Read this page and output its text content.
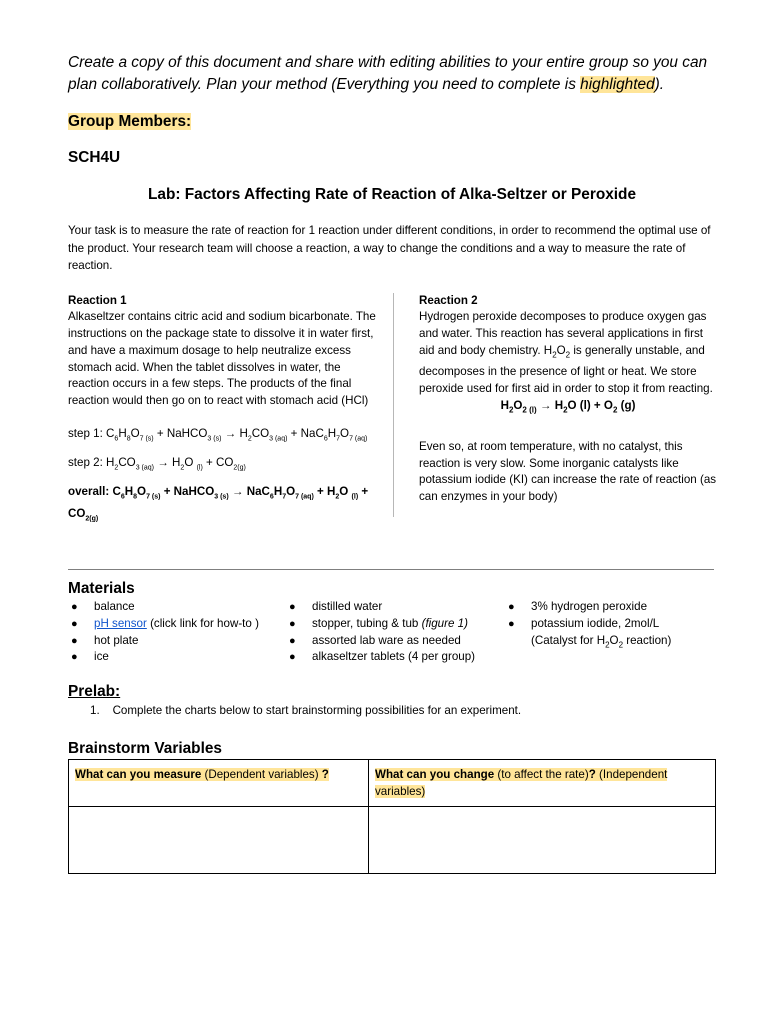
Create a copy of this document and share with editing abilities to your entire group so you can plan collaboratively. Plan your method (Everything you need to complete is highlighted).
Group Members:
SCH4U
Lab: Factors Affecting Rate of Reaction of Alka-Seltzer or Peroxide
Your task is to measure the rate of reaction for 1 reaction under different conditions, in order to recommend the optimal use of the product. Your research team will choose a reaction, a way to change the conditions and a way to measure the rate of reaction.
Reaction 1
Alkaseltzer contains citric acid and sodium bicarbonate. The instructions on the package state to dissolve it in water first, and have a maximum dosage to help neutralize excess stomach acid. When the tablet dissolves in water, the reaction occurs in a few steps. The products of the final reaction would then go on to react with stomach acid (HCl)
step 1: $C_6H_8O_{7 (s)}$ + NaHCO$_{3 (s)}$ → $H_2CO_{3 (aq)} + NaC_6H_7O_{7 (aq)}$
step 2: $H_2CO_{3 (aq)} \to H_2O$ $_{(l)} + CO_{2(g)}$
overall: $C_6H_8O_{7 (s)}$ + NaHCO$_{3 (s)}$ → $NaC_6H_7O_{7 (aq)} + H_2O$ $_{(l)} + CO_{2(g)}$
Reaction 2
Hydrogen peroxide decomposes to produce oxygen gas and water. This reaction has several applications in first aid and body chemistry. $H_2O_2$ is generally unstable, and decomposes in the presence of light or heat. We store peroxide used for first aid in order to stop it from reacting.
$H_2O_{2 (l)} \to H_2O$ $(l) + O_2$ (g)
Even so, at room temperature, with no catalyst, this reaction is very slow. Some inorganic catalysts like potassium iodide (KI) can increase the rate of reaction (as can enzymes in your body)
Materials
● balance
● pH sensor (click link for how-to )
● hot plate
● ice
● distilled water
● stopper, tubing & tub (figure 1)
● assorted lab ware as needed
● alkaseltzer tablets (4 per group)
● 3% hydrogen peroxide
● potassium iodide, 2mol/L
(Catalyst for $H_2O_2$ reaction)
Prelab:
1. Complete the charts below to start brainstorming possibilities for an experiment.
Brainstorm Variables
What can you measure (Dependent variables) ?	What can you change (to affect the rate)? (Independent variables)
